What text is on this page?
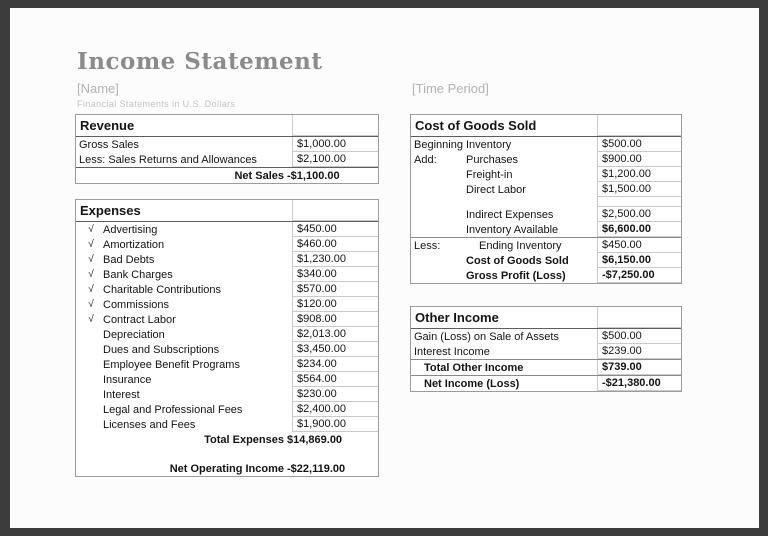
Income Statement
[Name]
Financial Statements in U.S. Dollars
[Time Period]
Revenue
Gross Sales	$1,000.00
Less: Sales Returns and Allowances	$2,100.00
Net Sales -$1,100.00
Expenses
√ Advertising	$450.00
√ Amortization	$460.00
√ Bad Debts	$1,230.00
√ Bank Charges	$340.00
√ Charitable Contributions	$570.00
√ Commissions	$120.00
√ Contract Labor	$908.00
Depreciation	$2,013.00
Dues and Subscriptions	$3,450.00
Employee Benefit Programs	$234.00
Insurance	$564.00
Interest	$230.00
Legal and Professional Fees	$2,400.00
Licenses and Fees	$1,900.00
Total Expenses $14,869.00
Net Operating Income -$22,119.00
Cost of Goods Sold
Beginning Inventory	$500.00
Add:	Purchases	$900.00
Freight-in	$1,200.00
Direct Labor	$1,500.00
Indirect Expenses	$2,500.00
Inventory Available	$6,600.00
Less:	Ending Inventory	$450.00
Cost of Goods Sold	$6,150.00
Gross Profit (Loss)	-$7,250.00
Other Income
Gain (Loss) on Sale of Assets	$500.00
Interest Income	$239.00
Total Other Income	$739.00
Net Income (Loss)	-$21,380.00
